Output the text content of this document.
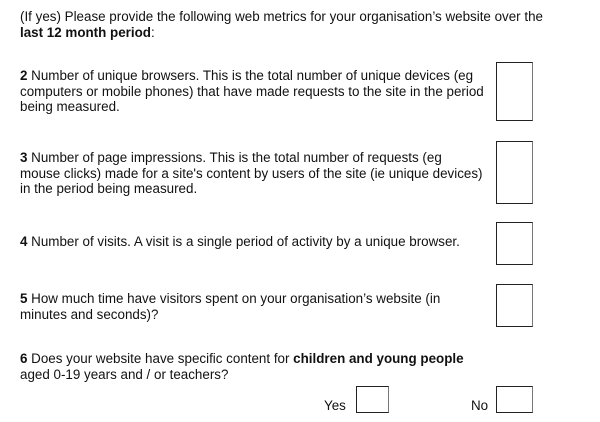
(If yes) Please provide the following web metrics for your organisation’s website over the
last 12 month period:
2 Number of unique browsers. This is the total number of unique devices (eg computers or mobile phones) that have made requests to the site in the period being measured.
3 Number of page impressions. This is the total number of requests (eg mouse clicks) made for a site's content by users of the site (ie unique devices) in the period being measured.
4 Number of visits. A visit is a single period of activity by a unique browser.
5 How much time have visitors spent on your organisation’s website (in minutes and seconds)?
6 Does your website have specific content for children and young people aged 0-19 years and / or teachers?
Yes	No
